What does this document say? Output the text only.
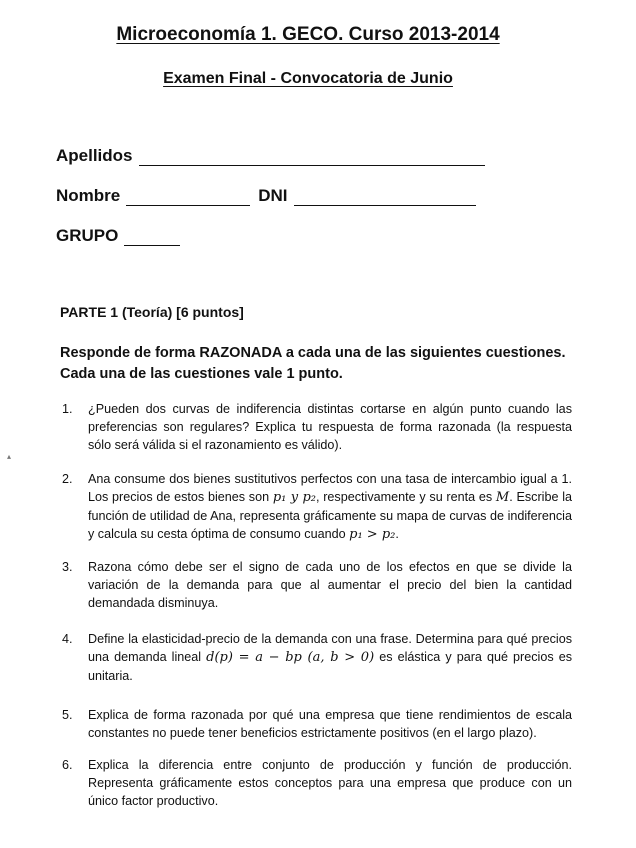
Microeconomía 1. GECO. Curso 2013-2014
Examen Final - Convocatoria de Junio
Apellidos
Nombre	DNI
GRUPO
PARTE 1 (Teoría) [6 puntos]
Responde de forma RAZONADA a cada una de las siguientes cuestiones. Cada una de las cuestiones vale 1 punto.
1. ¿Pueden dos curvas de indiferencia distintas cortarse en algún punto cuando las preferencias son regulares? Explica tu respuesta de forma razonada (la respuesta sólo será válida si el razonamiento es válido).
2. Ana consume dos bienes sustitutivos perfectos con una tasa de intercambio igual a 1. Los precios de estos bienes son p₁ y p₂, respectivamente y su renta es M. Escribe la función de utilidad de Ana, representa gráficamente su mapa de curvas de indiferencia y calcula su cesta óptima de consumo cuando p₁ > p₂.
3. Razona cómo debe ser el signo de cada uno de los efectos en que se divide la variación de la demanda para que al aumentar el precio del bien la cantidad demandada disminuya.
4. Define la elasticidad-precio de la demanda con una frase. Determina para qué precios una demanda lineal d(p) = a − bp (a, b > 0) es elástica y para qué precios es unitaria.
5. Explica de forma razonada por qué una empresa que tiene rendimientos de escala constantes no puede tener beneficios estrictamente positivos (en el largo plazo).
6. Explica la diferencia entre conjunto de producción y función de producción. Representa gráficamente estos conceptos para una empresa que produce con un único factor productivo.
▴
